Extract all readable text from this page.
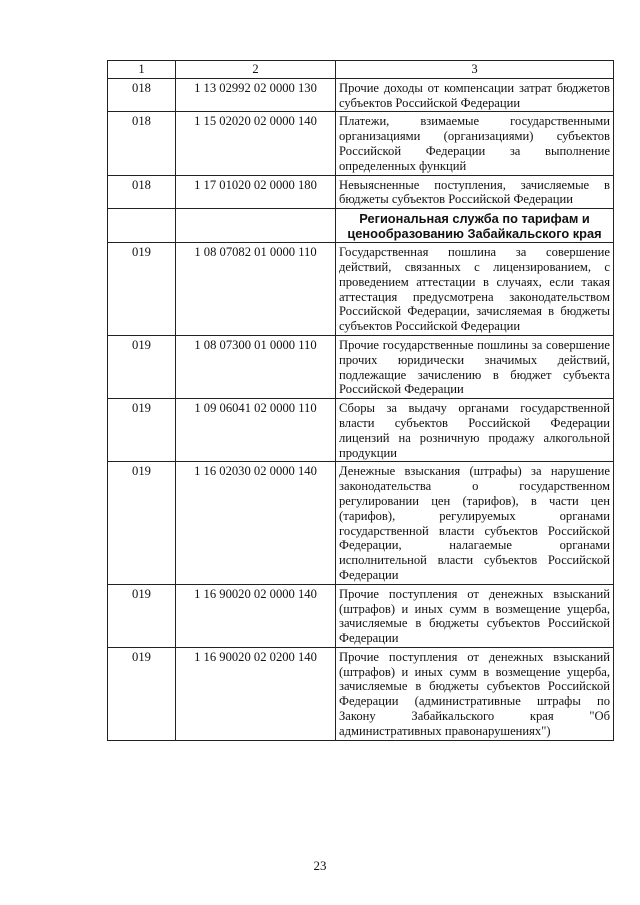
1	2	3
018	1 13 02992 02 0000 130	Прочие доходы от компенсации затрат бюджетов субъектов Российской Федерации
018	1 15 02020 02 0000 140	Платежи, взимаемые государственными организациями (организациями) субъектов Российской Федерации за выполнение определенных функций
018	1 17 01020 02 0000 180	Невыясненные поступления, зачисляемые в бюджеты субъектов Российской Федерации
		Региональная служба по тарифам и ценообразованию Забайкальского края
019	1 08 07082 01 0000 110	Государственная пошлина за совершение действий, связанных с лицензированием, с проведением аттестации в случаях, если такая аттестация предусмотрена законодательством Российской Федерации, зачисляемая в бюджеты субъектов Российской Федерации
019	1 08 07300 01 0000 110	Прочие государственные пошлины за совершение прочих юридически значимых действий, подлежащие зачислению в бюджет субъекта Российской Федерации
019	1 09 06041 02 0000 110	Сборы за выдачу органами государственной власти субъектов Российской Федерации лицензий на розничную продажу алкогольной продукции
019	1 16 02030 02 0000 140	Денежные взыскания (штрафы) за нарушение законодательства о государственном регулировании цен (тарифов), в части цен (тарифов), регулируемых органами государственной власти субъектов Российской Федерации, налагаемые органами исполнительной власти субъектов Российской Федерации
019	1 16 90020 02 0000 140	Прочие поступления от денежных взысканий (штрафов) и иных сумм в возмещение ущерба, зачисляемые в бюджеты субъектов Российской Федерации
019	1 16 90020 02 0200 140	Прочие поступления от денежных взысканий (штрафов) и иных сумм в возмещение ущерба, зачисляемые в бюджеты субъектов Российской Федерации (административные штрафы по Закону Забайкальского края "Об административных правонарушениях")
23
